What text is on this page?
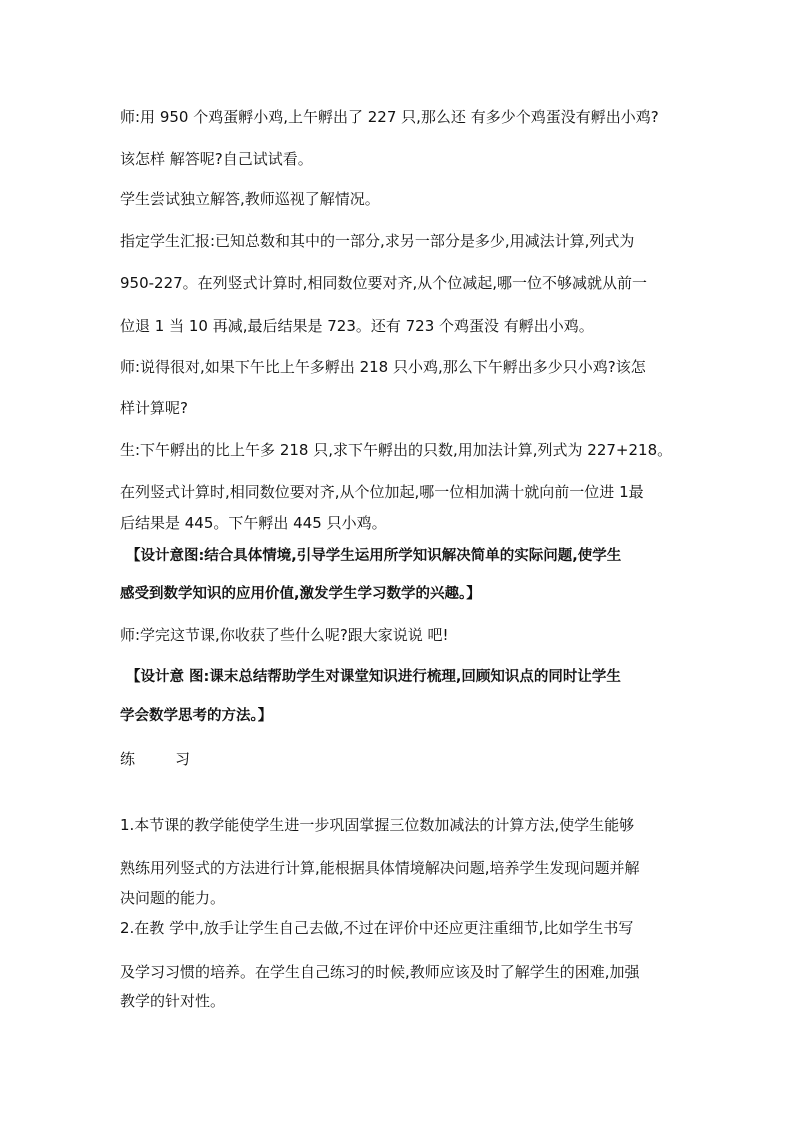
师:用 950 个鸡蛋孵小鸡,上午孵出了 227 只,那么还 有多少个鸡蛋没有孵出小鸡?
该怎样 解答呢?自己试试看。
学生尝试独立解答,教师巡视了解情况。
指定学生汇报:已知总数和其中的一部分,求另一部分是多少,用减法计算,列式为
950-227。在列竖式计算时,相同数位要对齐,从个位减起,哪一位不够减就从前一
位退 1 当 10 再减,最后结果是 723。还有 723 个鸡蛋没 有孵出小鸡。
师:说得很对,如果下午比上午多孵出 218 只小鸡,那么下午孵出多少只小鸡?该怎
样计算呢?
生:下午孵出的比上午多 218 只,求下午孵出的只数,用加法计算,列式为 227+218。
在列竖式计算时,相同数位要对齐,从个位加起,哪一位相加满十就向前一位进 1最
后结果是 445。下午孵出 445 只小鸡。
【设计意图:结合具体情境,引导学生运用所学知识解决简单的实际问题,使学生
感受到数学知识的应用价值,激发学生学习数学的兴趣。】
师:学完这节课,你收获了些什么呢?跟大家说说 吧!
【设计意 图:课末总结帮助学生对课堂知识进行梳理,回顾知识点的同时让学生
学会数学思考的方法。】
练	习
1.本节课的教学能使学生进一步巩固掌握三位数加减法的计算方法,使学生能够
熟练用列竖式的方法进行计算,能根据具体情境解决问题,培养学生发现问题并解
决问题的能力。
2.在教 学中,放手让学生自己去做,不过在评价中还应更注重细节,比如学生书写
及学习习惯的培养。在学生自己练习的时候,教师应该及时了解学生的困难,加强
教学的针对性。
